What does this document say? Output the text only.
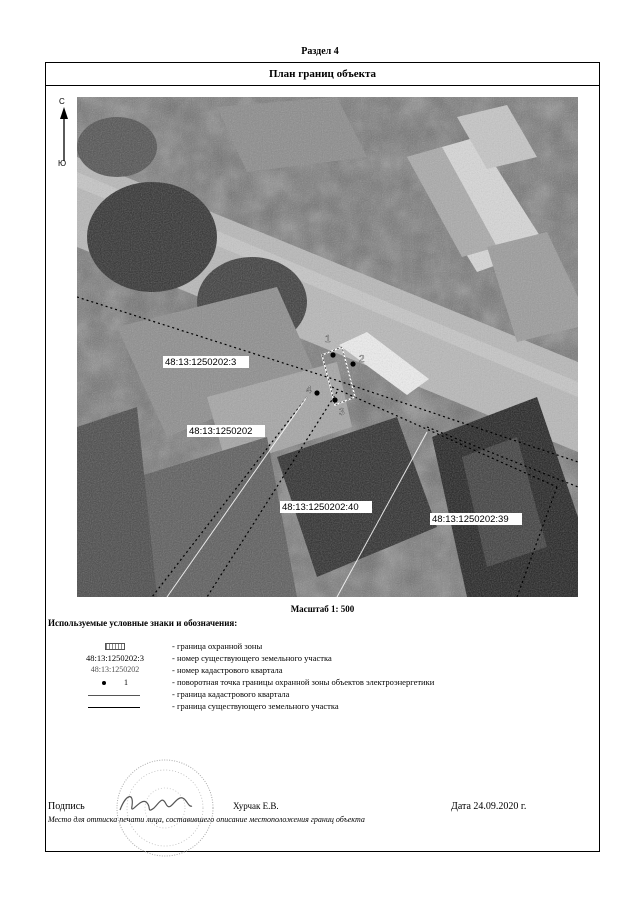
Раздел 4
План границ объекта
С
Ю
1
2
3
4
48:13:1250202:3
48:13:1250202
48:13:1250202:40
48:13:1250202:39
Масштаб 1: 500
Используемые условные знаки и обозначения:
- граница охранной зоны
48:13:1250202:3	- номер существующего земельного участка
48:13:1250202	- номер кадастрового квартала
1	- поворотная точка границы охранной зоны объектов электроэнергетики
- граница кадастрового квартала
- граница существующего земельного участка
Подпись	Хурчак Е.В.	Дата 24.09.2020 г.
Место для оттиска печати лица, составившего описание местоположения границ объекта
